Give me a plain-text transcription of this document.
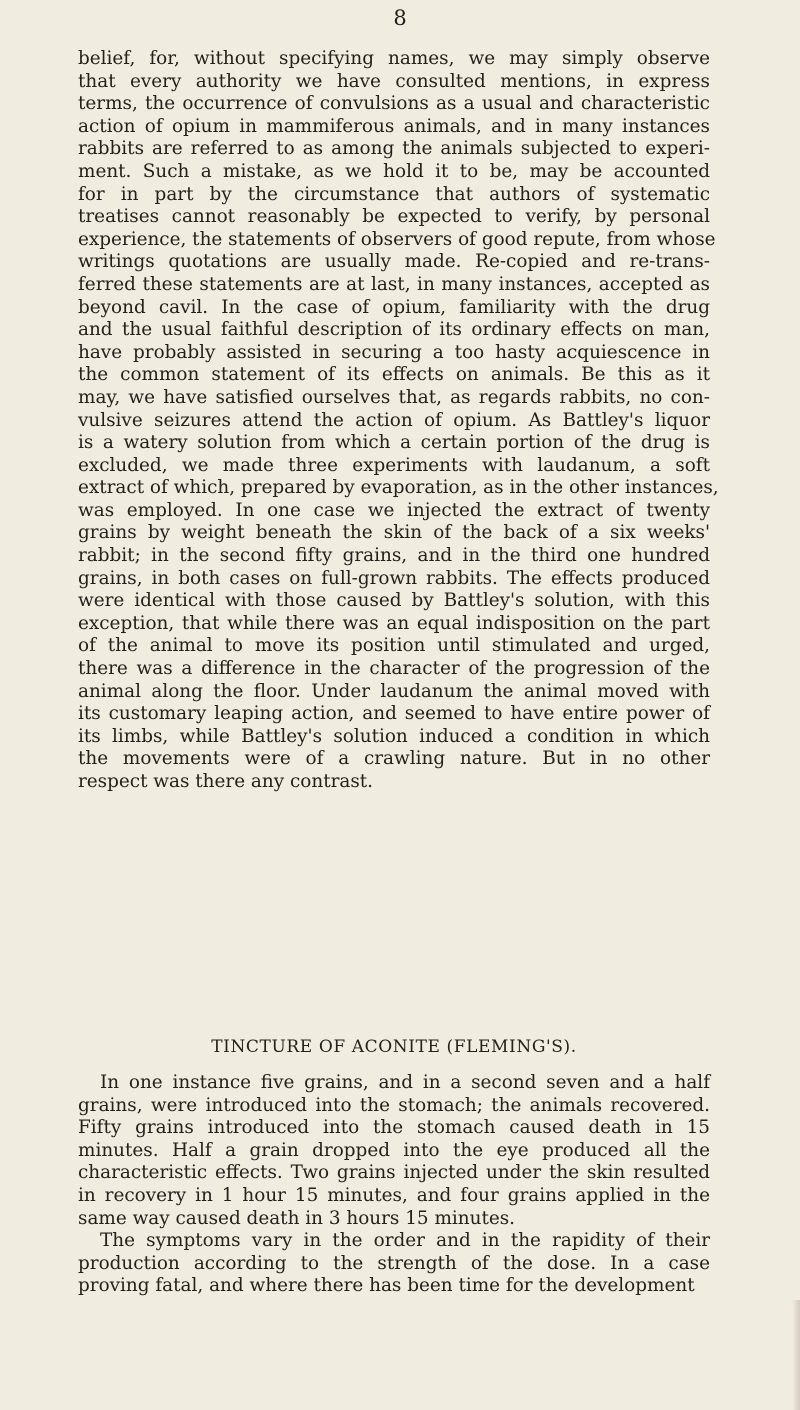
8
belief, for, without specifying names, we may simply observe
that every authority we have consulted mentions, in express
terms, the occurrence of convulsions as a usual and characteristic
action of opium in mammiferous animals, and in many instances
rabbits are referred to as among the animals subjected to experi-
ment. Such a mistake, as we hold it to be, may be accounted
for in part by the circumstance that authors of systematic
treatises cannot reasonably be expected to verify, by personal
experience, the statements of observers of good repute, from whose
writings quotations are usually made. Re-copied and re-trans-
ferred these statements are at last, in many instances, accepted as
beyond cavil. In the case of opium, familiarity with the drug
and the usual faithful description of its ordinary effects on man,
have probably assisted in securing a too hasty acquiescence in
the common statement of its effects on animals. Be this as it
may, we have satisfied ourselves that, as regards rabbits, no con-
vulsive seizures attend the action of opium. As Battley's liquor
is a watery solution from which a certain portion of the drug is
excluded, we made three experiments with laudanum, a soft
extract of which, prepared by evaporation, as in the other instances,
was employed. In one case we injected the extract of twenty
grains by weight beneath the skin of the back of a six weeks'
rabbit; in the second fifty grains, and in the third one hundred
grains, in both cases on full-grown rabbits. The effects produced
were identical with those caused by Battley's solution, with this
exception, that while there was an equal indisposition on the part
of the animal to move its position until stimulated and urged,
there was a difference in the character of the progression of the
animal along the floor. Under laudanum the animal moved with
its customary leaping action, and seemed to have entire power of
its limbs, while Battley's solution induced a condition in which
the movements were of a crawling nature. But in no other
respect was there any contrast.
TINCTURE OF ACONITE (FLEMING'S).
In one instance five grains, and in a second seven and a half
grains, were introduced into the stomach; the animals recovered.
Fifty grains introduced into the stomach caused death in 15
minutes. Half a grain dropped into the eye produced all the
characteristic effects. Two grains injected under the skin resulted
in recovery in 1 hour 15 minutes, and four grains applied in the
same way caused death in 3 hours 15 minutes.
The symptoms vary in the order and in the rapidity of their
production according to the strength of the dose. In a case
proving fatal, and where there has been time for the development
